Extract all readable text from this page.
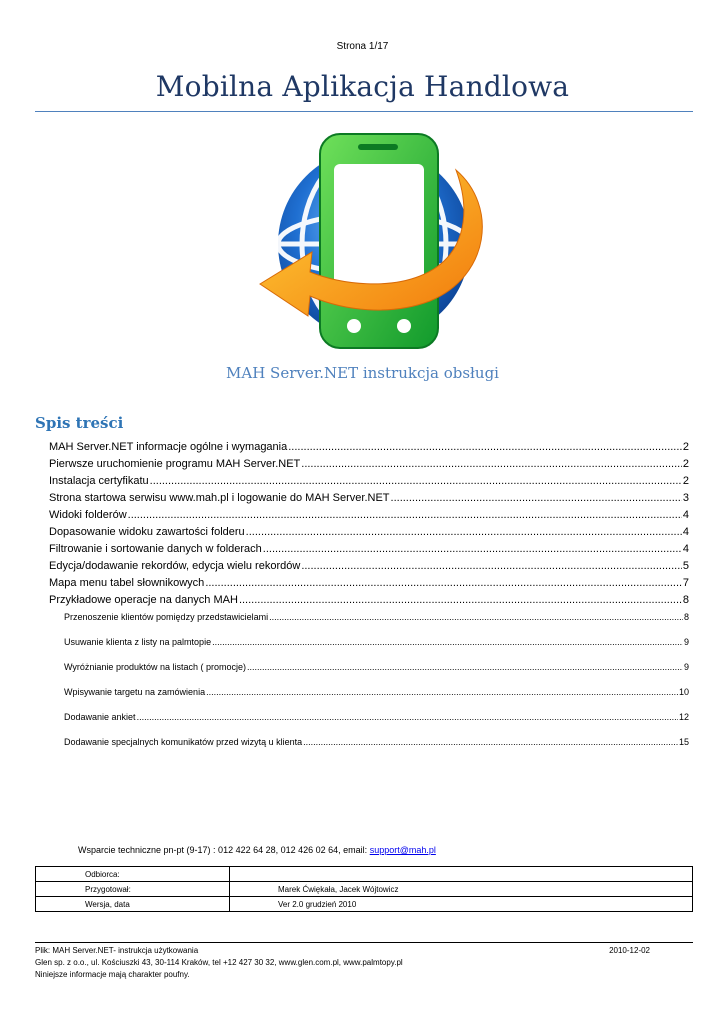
Strona 1/17
Mobilna Aplikacja Handlowa
MAH Server.NET instrukcja obsługi
Spis treści
MAH Server.NET informacje ogólne i wymagania .....	2
Pierwsze uruchomienie programu MAH Server.NET .....	2
Instalacja certyfikatu .....	2
Strona startowa serwisu www.mah.pl i logowanie do MAH Server.NET .....	3
Widoki folderów .....	4
Dopasowanie widoku zawartości folderu .....	4
Filtrowanie i sortowanie danych w folderach .....	4
Edycja/dodawanie rekordów, edycja wielu rekordów .....	5
Mapa menu tabel słownikowych .....	7
Przykładowe operacje na danych MAH .....	8
Przenoszenie klientów pomiędzy przedstawicielami .....	8
Usuwanie klienta z listy na palmtopie .....	9
Wyróżnianie produktów na listach ( promocje) .....	9
Wpisywanie targetu na zamówienia .....	10
Dodawanie ankiet .....	12
Dodawanie specjalnych komunikatów przed wizytą u klienta .....	15
Wsparcie techniczne pn-pt (9-17) : 012 422 64 28, 012 426 02 64, email: support@mah.pl
Odbiorca:	
Przygotował:	Marek Ćwiękała, Jacek Wójtowicz
Wersja, data	Ver 2.0 grudzień 2010
Plik: MAH Server.NET- instrukcja użytkowania	2010-12-02
Glen sp. z o.o., ul. Kościuszki 43, 30-114 Kraków, tel +12 427 30 32, www.glen.com.pl, www.palmtopy.pl
Niniejsze informacje mają charakter poufny.
